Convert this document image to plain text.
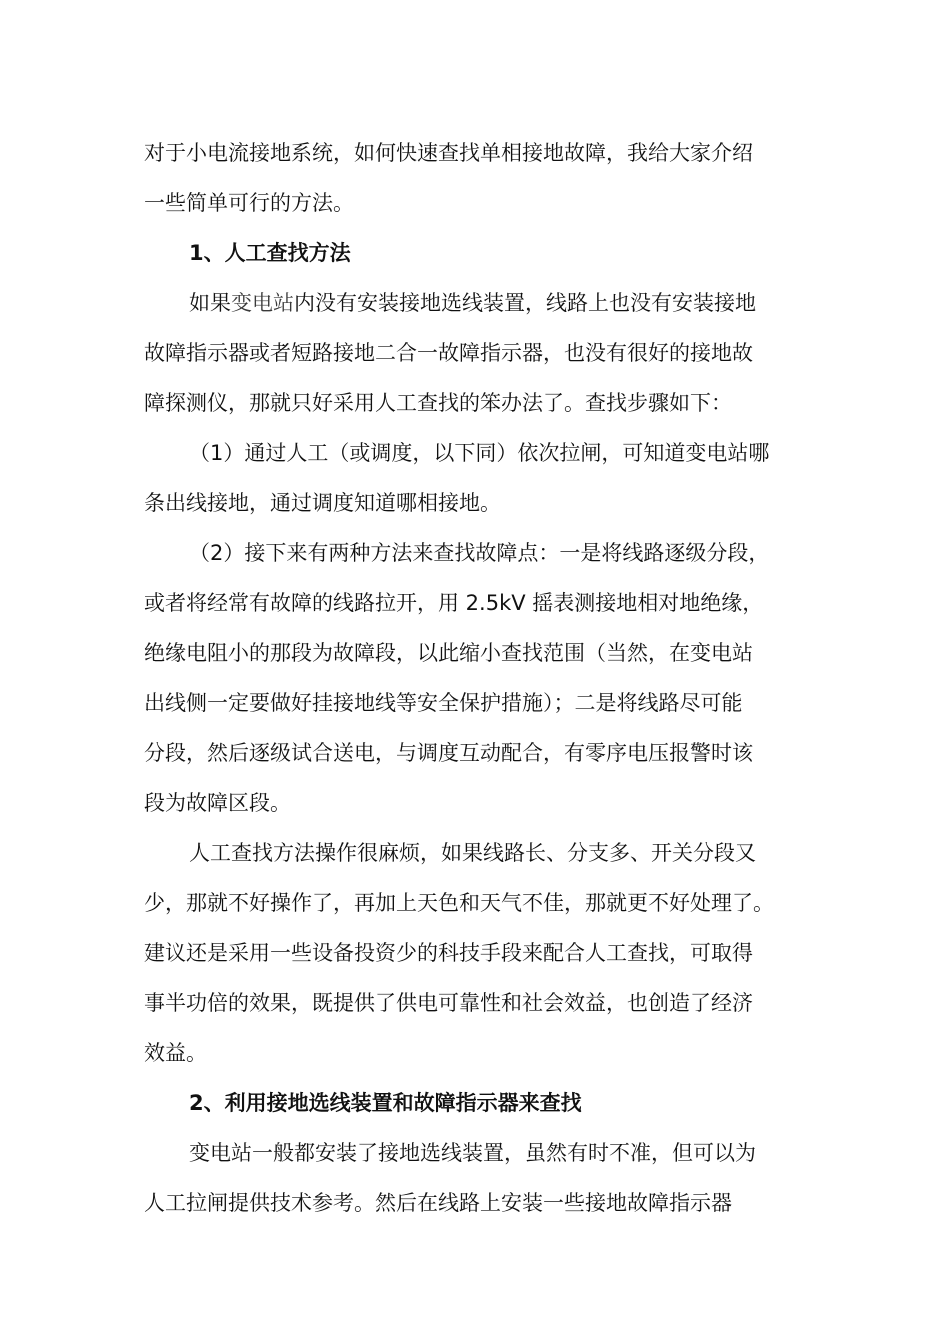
对于小电流接地系统，如何快速查找单相接地故障，我给大家介绍
一些简单可行的方法。
1、人工查找方法
如果变电站内没有安装接地选线装置，线路上也没有安装接地
故障指示器或者短路接地二合一故障指示器，也没有很好的接地故
障探测仪，那就只好采用人工查找的笨办法了。查找步骤如下：
（1）通过人工（或调度，以下同）依次拉闸，可知道变电站哪
条出线接地，通过调度知道哪相接地。
（2）接下来有两种方法来查找故障点：一是将线路逐级分段，
或者将经常有故障的线路拉开，用 2.5kV 摇表测接地相对地绝缘，
绝缘电阻小的那段为故障段，以此缩小查找范围（当然，在变电站
出线侧一定要做好挂接地线等安全保护措施）；二是将线路尽可能
分段，然后逐级试合送电，与调度互动配合，有零序电压报警时该
段为故障区段。
人工查找方法操作很麻烦，如果线路长、分支多、开关分段又
少，那就不好操作了，再加上天色和天气不佳，那就更不好处理了。
建议还是采用一些设备投资少的科技手段来配合人工查找，可取得
事半功倍的效果，既提供了供电可靠性和社会效益，也创造了经济
效益。
2、利用接地选线装置和故障指示器来查找
变电站一般都安装了接地选线装置，虽然有时不准，但可以为
人工拉闸提供技术参考。然后在线路上安装一些接地故障指示器
